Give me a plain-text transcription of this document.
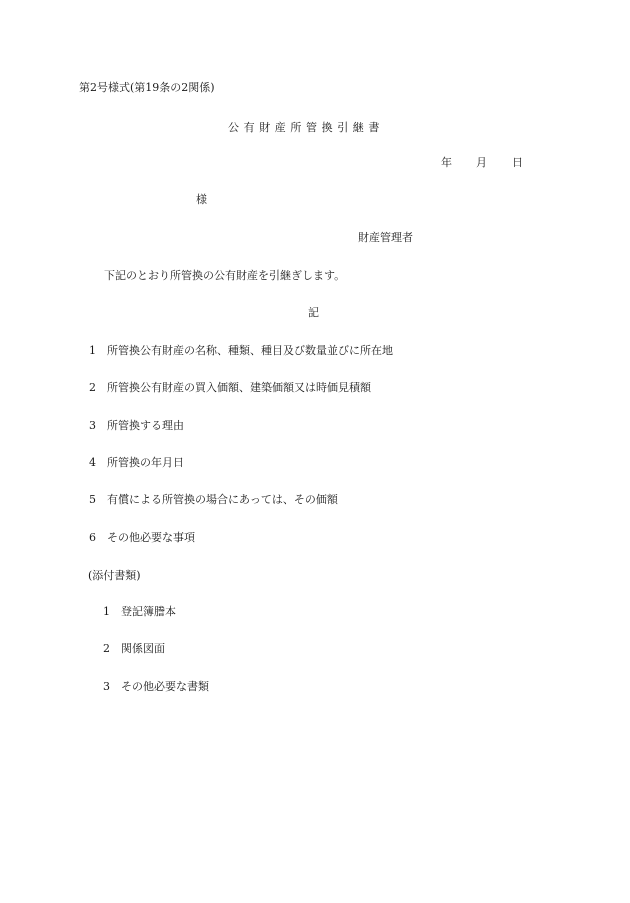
第2号様式(第19条の2関係)
公有財産所管換引継書
年 月 日
様
財産管理者
下記のとおり所管換の公有財産を引継ぎします。
記
1 所管換公有財産の名称、種類、種目及び数量並びに所在地
2 所管換公有財産の買入価額、建築価額又は時価見積額
3 所管換する理由
4 所管換の年月日
5 有償による所管換の場合にあっては、その価額
6 その他必要な事項
(添付書類)
1 登記簿謄本
2 関係図面
3 その他必要な書類
